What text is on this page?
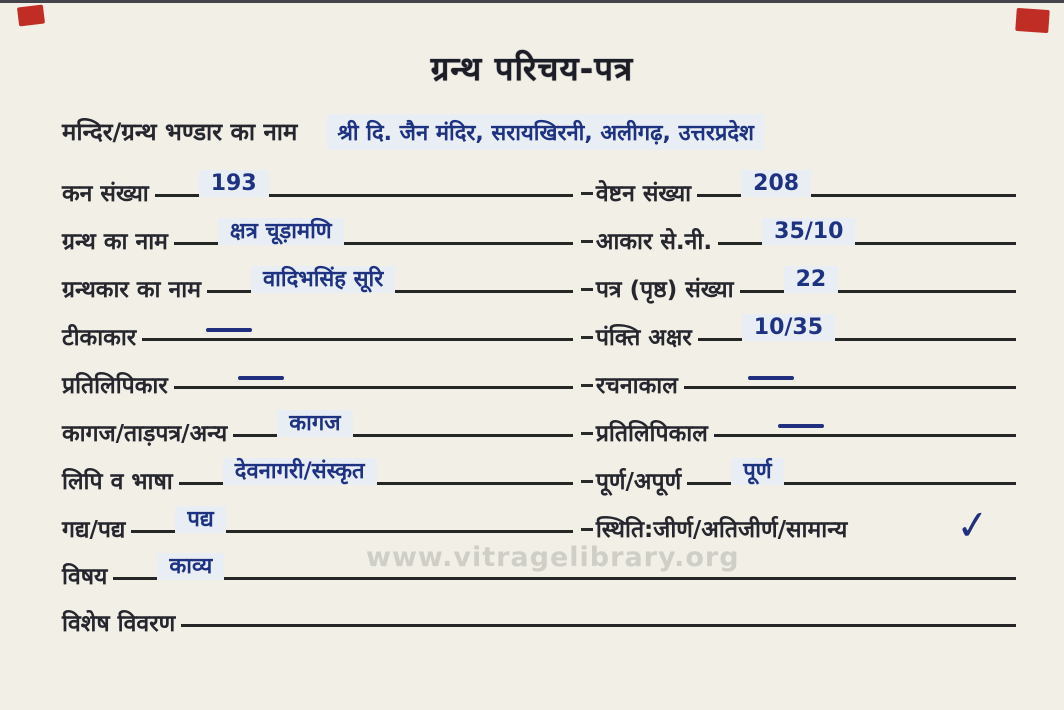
ग्रन्थ परिचय-पत्र
मन्दिर/ग्रन्थ भण्डार का नाम	श्री दि. जैन मंदिर, सरायखिरनी, अलीगढ़, उत्तरप्रदेश
कन संख्या	193
ग्रन्थ का नाम	क्षत्र चूड़ामणि
ग्रन्थकार का नाम	वादिभसिंह सूरि
टीकाकार
प्रतिलिपिकार
कागज/ताड़पत्र/अन्य	कागज
लिपि व भाषा	देवनागरी/संस्कृत
गद्य/पद्य	पद्य
वेष्टन संख्या	208
आकार से.नी.	35/10
पत्र (पृष्ठ) संख्या	22
पंक्ति अक्षर	10/35
रचनाकाल
प्रतिलिपिकाल
पूर्ण/अपूर्ण	पूर्ण
स्थिति:जीर्ण/अतिजीर्ण/सामान्य	✓
विषय	काव्य
विशेष विवरण
www.vitragelibrary.org
